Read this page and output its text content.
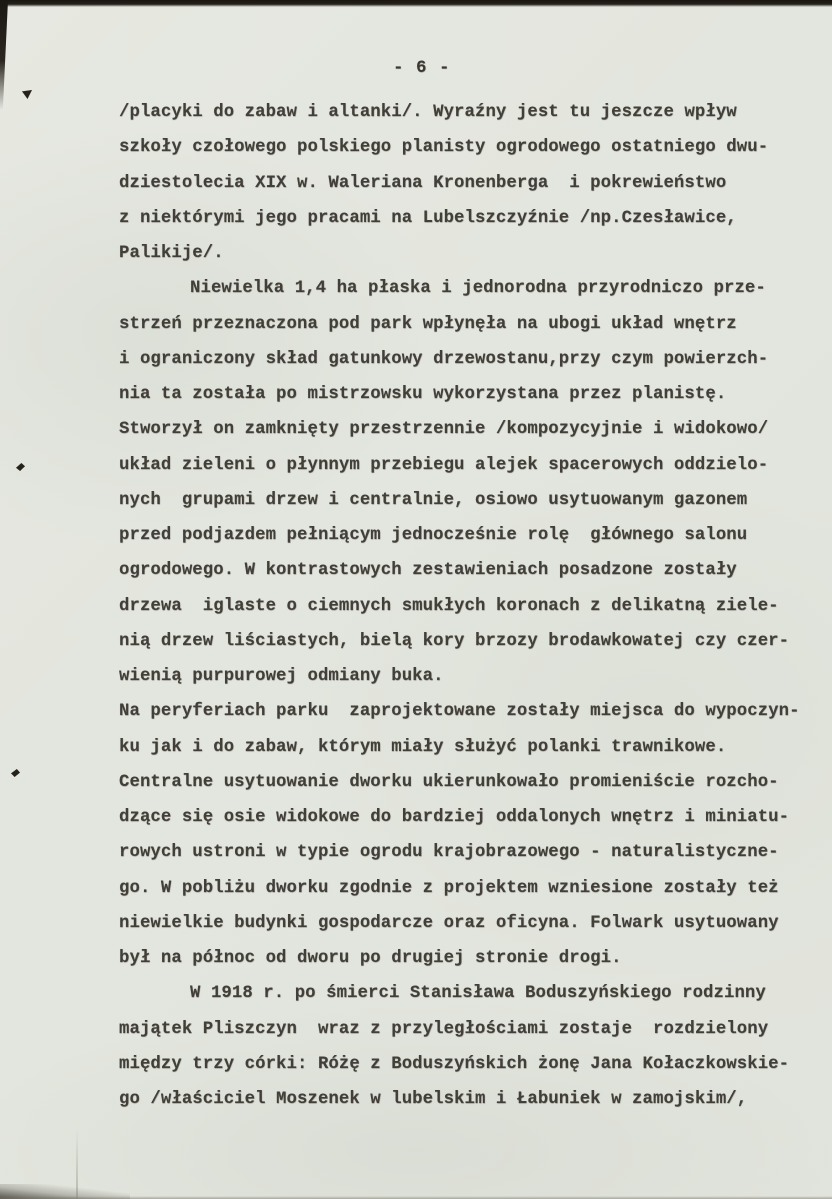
- 6 -
/placyki do zabaw i altanki/. Wyraźny jest tu jeszcze wpływ
szkoły czołowego polskiego planisty ogrodowego ostatniego dwu-
dziestolecia XIX w. Waleriana Kronenberga  i pokrewieństwo
z niektórymi jego pracami na Lubelszczyźnie /np.Czesławice,
Palikije/.
Niewielka 1,4 ha płaska i jednorodna przyrodniczo prze-
strzeń przeznaczona pod park wpłynęła na ubogi układ wnętrz
i ograniczony skład gatunkowy drzewostanu,przy czym powierzch-
nia ta została po mistrzowsku wykorzystana przez planistę.
Stworzył on zamknięty przestrzennie /kompozycyjnie i widokowo/
układ zieleni o płynnym przebiegu alejek spacerowych oddzielo-
nych  grupami drzew i centralnie, osiowo usytuowanym gazonem
przed podjazdem pełniącym jednocześnie rolę  głównego salonu
ogrodowego. W kontrastowych zestawieniach posadzone zostały
drzewa  iglaste o ciemnych smukłych koronach z delikatną ziele-
nią drzew liściastych, bielą kory brzozy brodawkowatej czy czer-
wienią purpurowej odmiany buka.
Na peryferiach parku  zaprojektowane zostały miejsca do wypoczyn-
ku jak i do zabaw, którym miały służyć polanki trawnikowe.
Centralne usytuowanie dworku ukierunkowało promieniście rozcho-
dzące się osie widokowe do bardziej oddalonych wnętrz i miniatu-
rowych ustroni w typie ogrodu krajobrazowego - naturalistyczne-
go. W pobliżu dworku zgodnie z projektem wzniesione zostały też
niewielkie budynki gospodarcze oraz oficyna. Folwark usytuowany
był na północ od dworu po drugiej stronie drogi.
W 1918 r. po śmierci Stanisława Boduszyńskiego rodzinny
majątek Pliszczyn  wraz z przyległościami zostaje  rozdzielony
między trzy córki: Różę z Boduszyńskich żonę Jana Kołaczkowskie-
go /właściciel Moszenek w lubelskim i Łabuniek w zamojskim/,
